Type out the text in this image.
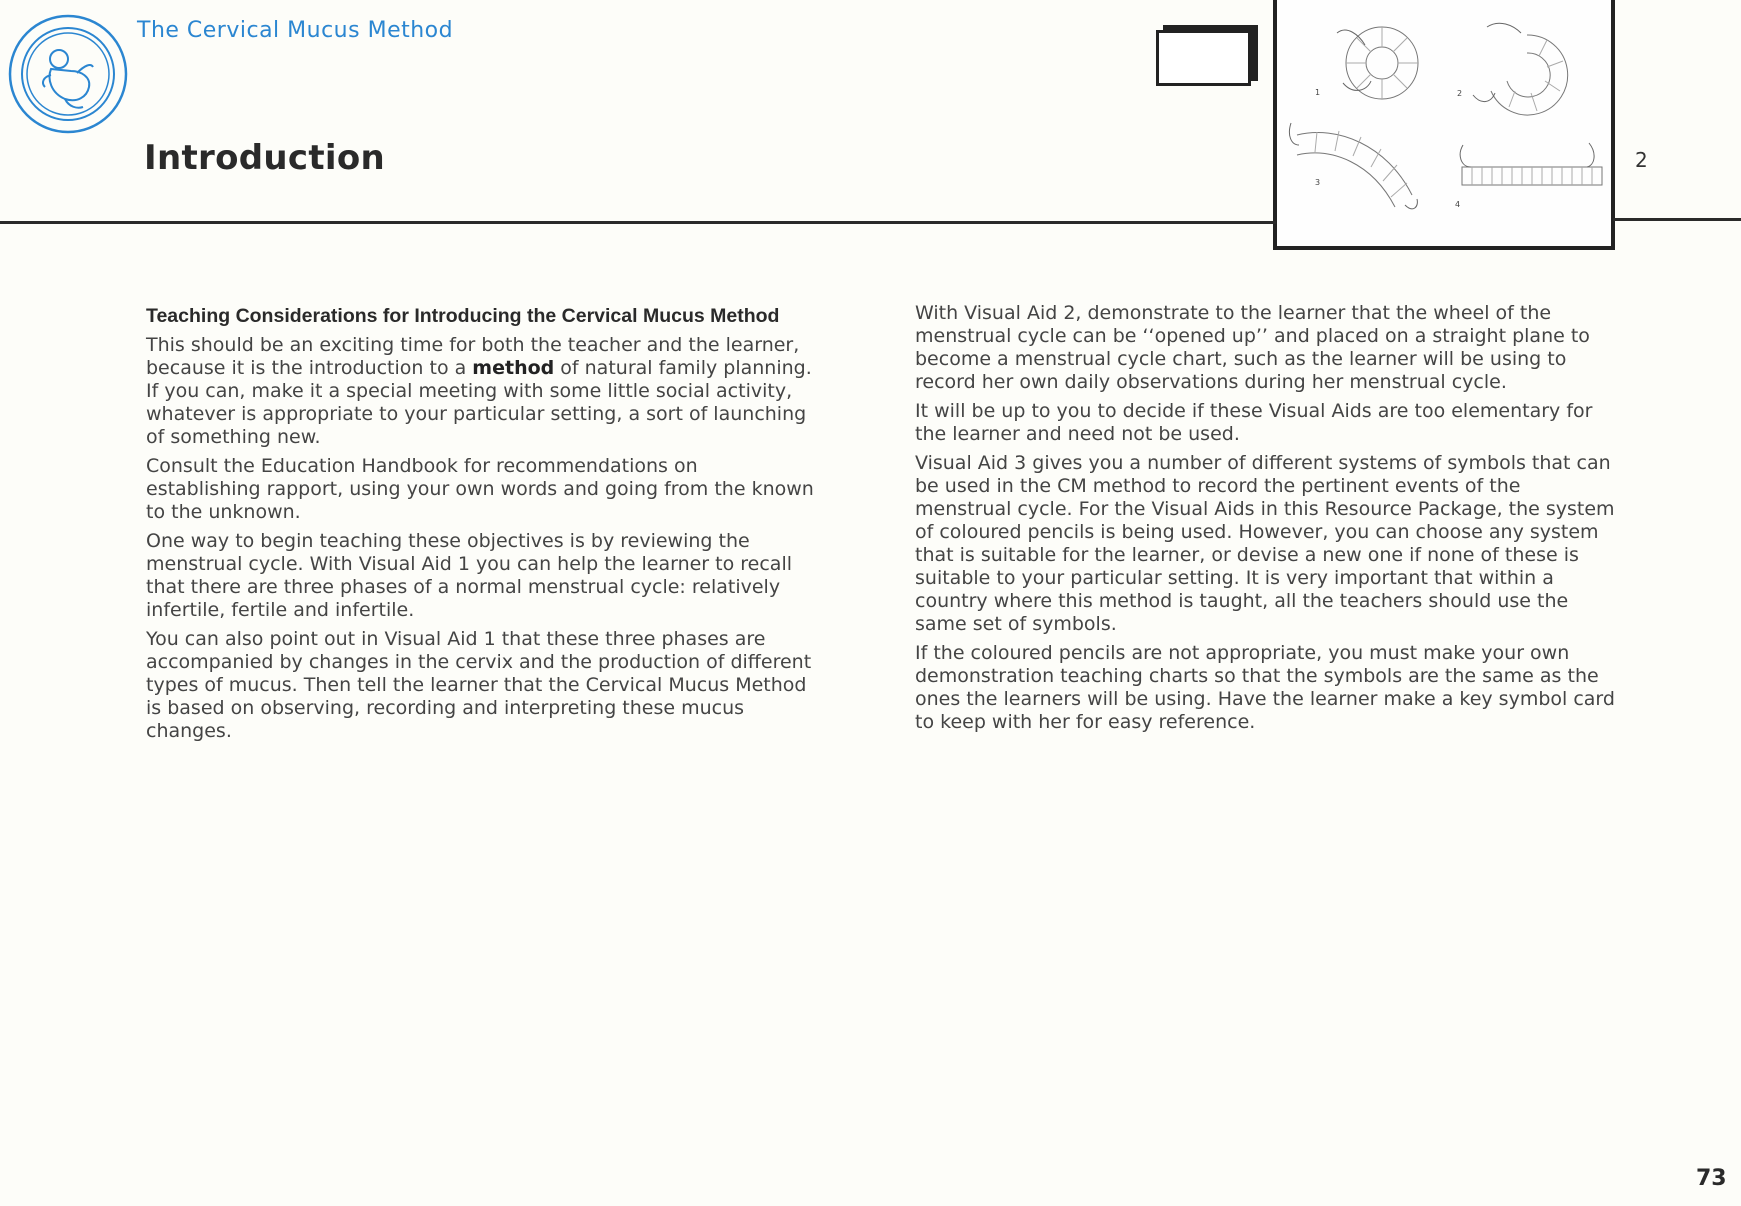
The Cervical Mucus Method
Introduction
1	2
3
4
2

Teaching Considerations for Introducing the Cervical Mucus Method

This should be an exciting time for both the teacher and the learner, because it is the introduction to a method of natural family planning. If you can, make it a special meeting with some little social activity, whatever is appropriate to your particular setting, a sort of launching of something new.

Consult the Education Handbook for recommendations on establishing rapport, using your own words and going from the known to the unknown.

One way to begin teaching these objectives is by reviewing the menstrual cycle. With Visual Aid 1 you can help the learner to recall that there are three phases of a normal menstrual cycle: relatively infertile, fertile and infertile.

You can also point out in Visual Aid 1 that these three phases are accompanied by changes in the cervix and the production of different types of mucus. Then tell the learner that the Cervical Mucus Method is based on observing, recording and interpreting these mucus changes.

With Visual Aid 2, demonstrate to the learner that the wheel of the menstrual cycle can be ‘‘opened up’’ and placed on a straight plane to become a menstrual cycle chart, such as the learner will be using to record her own daily observations during her menstrual cycle.

It will be up to you to decide if these Visual Aids are too elementary for the learner and need not be used.

Visual Aid 3 gives you a number of different systems of symbols that can be used in the CM method to record the pertinent events of the menstrual cycle. For the Visual Aids in this Resource Package, the system of coloured pencils is being used. However, you can choose any system that is suitable for the learner, or devise a new one if none of these is suitable to your particular setting. It is very important that within a country where this method is taught, all the teachers should use the same set of symbols.

If the coloured pencils are not appropriate, you must make your own demonstration teaching charts so that the symbols are the same as the ones the learners will be using. Have the learner make a key symbol card to keep with her for easy reference.

73
